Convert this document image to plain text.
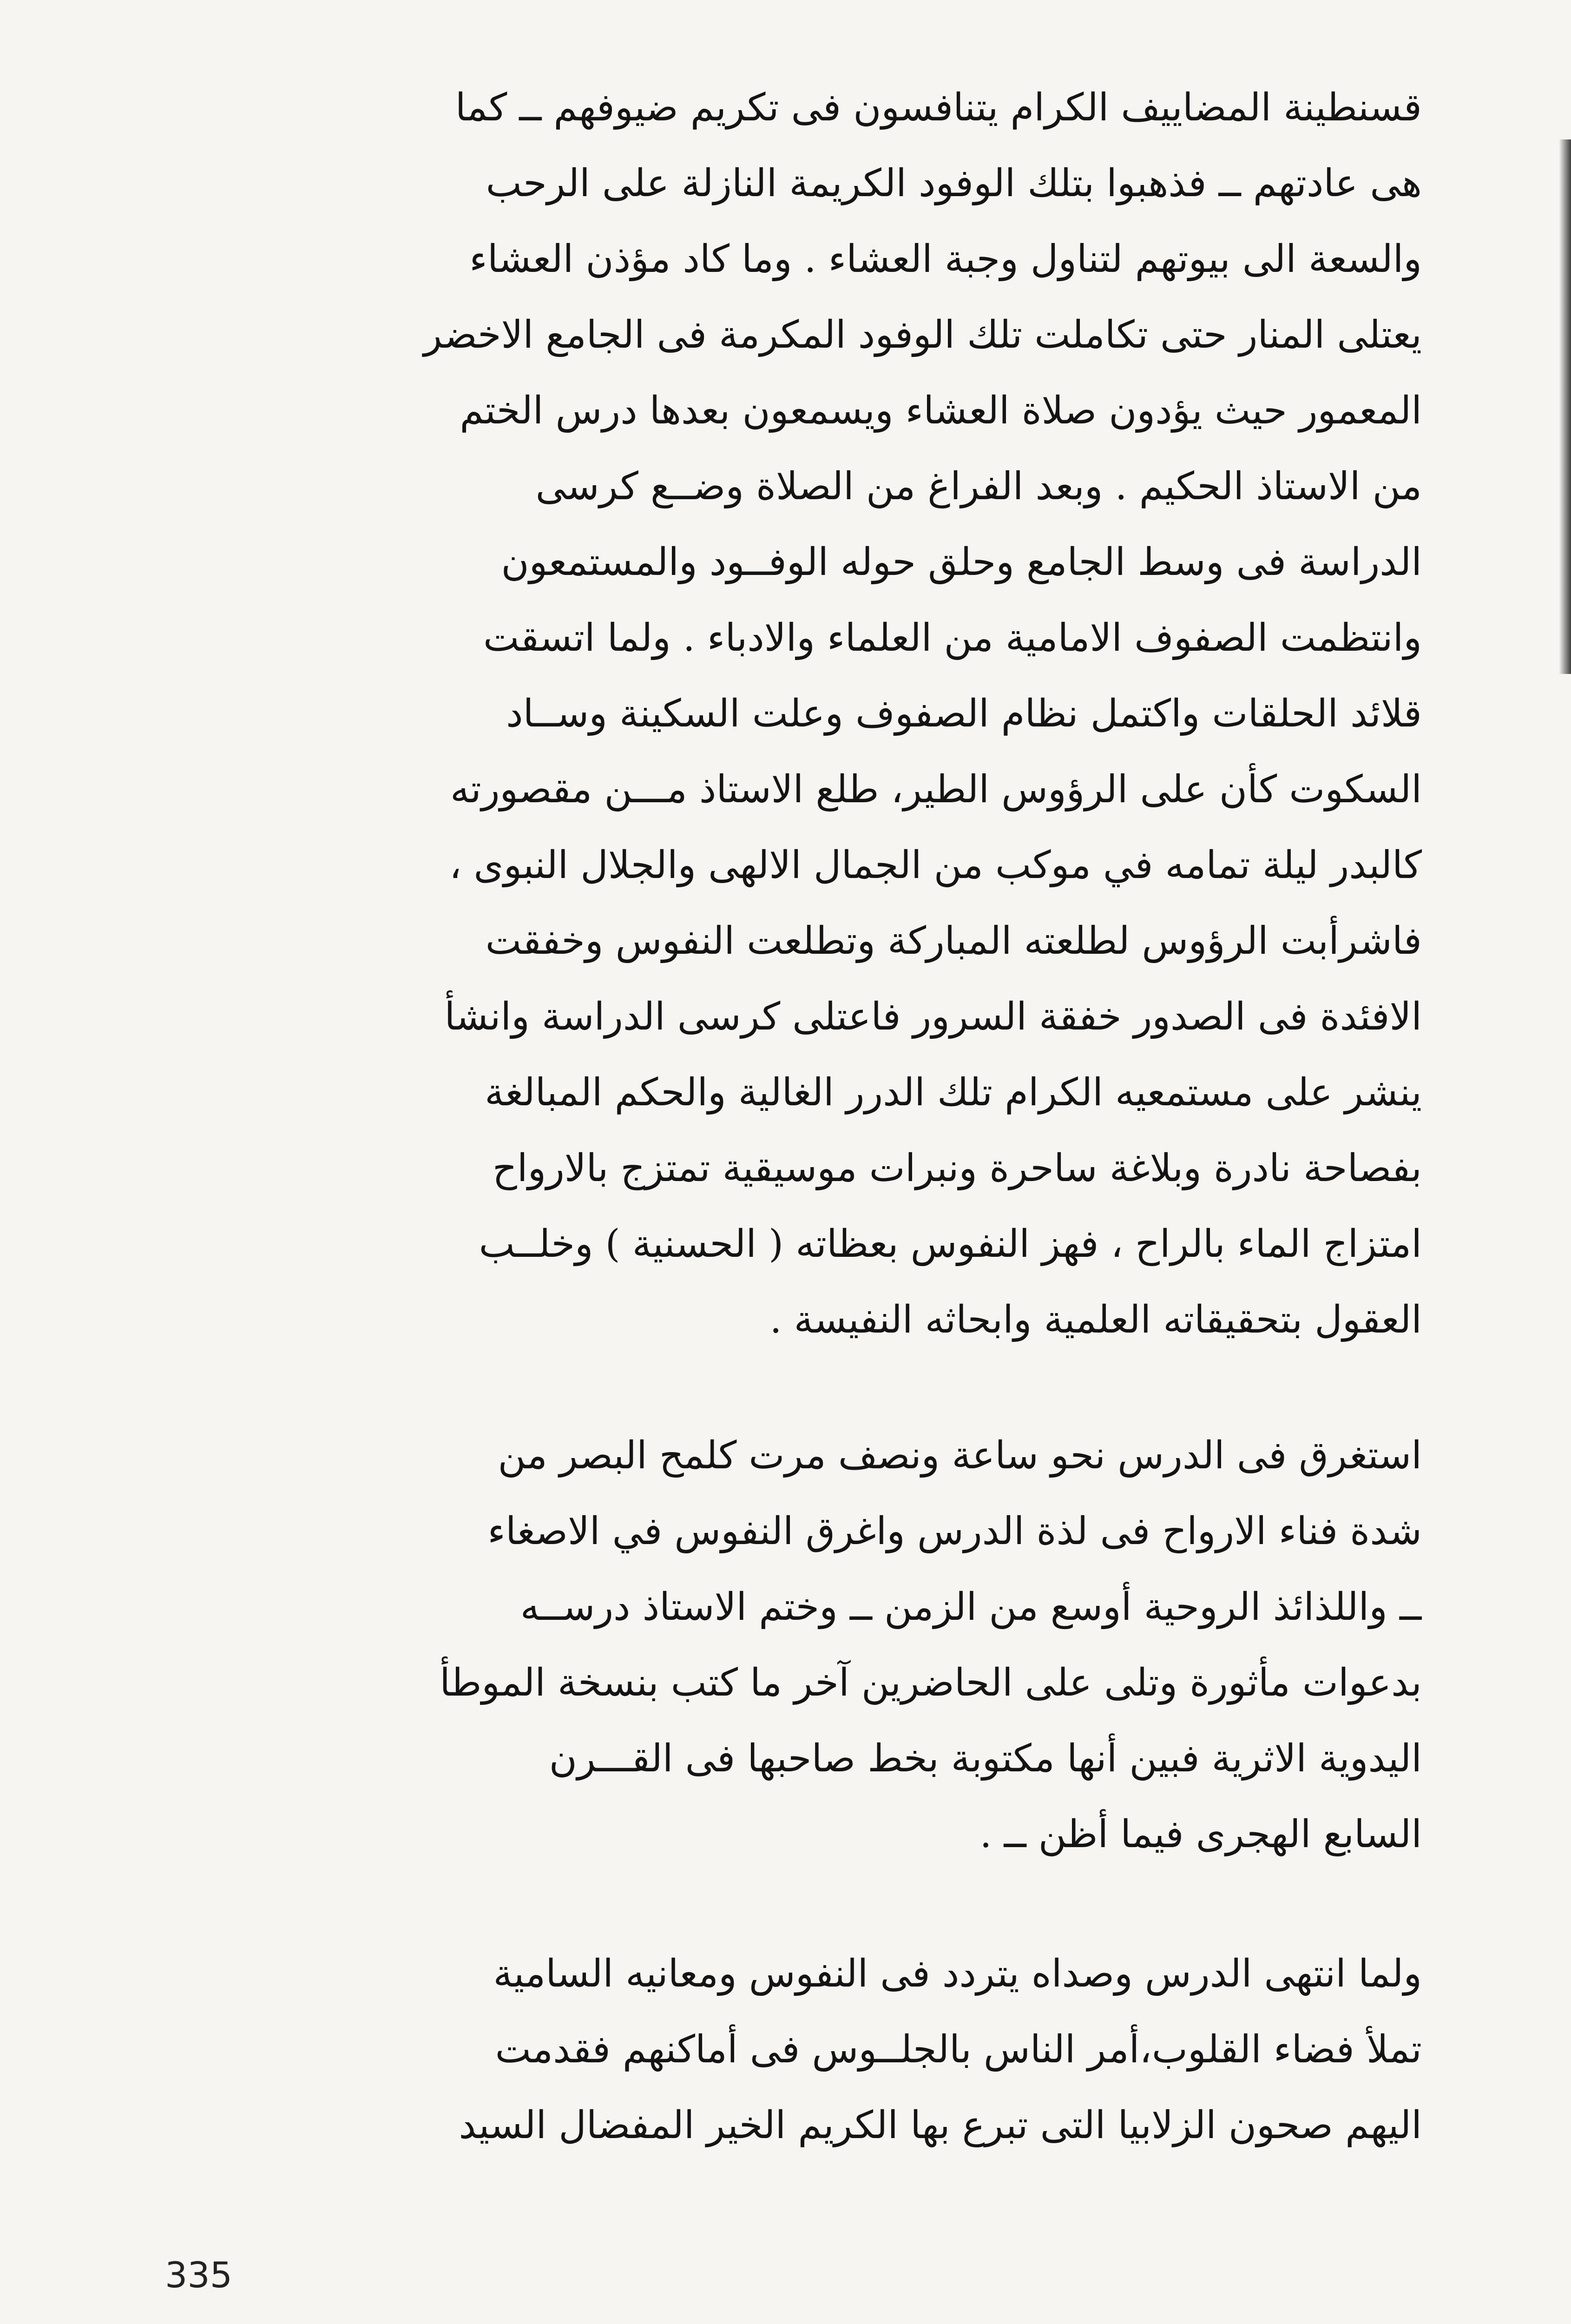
قسنطينة المضاييف الكرام يتنافسون فى تكريم ضيوفهم ــ كما
هى عادتهم ــ فذهبوا بتلك الوفود الكريمة النازلة على الرحب
والسعة الى بيوتهم لتناول وجبة العشاء . وما كاد مؤذن العشاء
يعتلى المنار حتى تكاملت تلك الوفود المكرمة فى الجامع الاخضر
المعمور حيث يؤدون صلاة العشاء ويسمعون بعدها درس الختم
من الاستاذ الحكيم . وبعد الفراغ من الصلاة وضــع كرسى
الدراسة فى وسط الجامع وحلق حوله الوفــود والمستمعون
وانتظمت الصفوف الامامية من العلماء والادباء . ولما اتسقت
قلائد الحلقات واكتمل نظام الصفوف وعلت السكينة وســاد
السكوت كأن على الرؤوس الطير، طلع الاستاذ مـــن مقصورته
كالبدر ليلة تمامه في موكب من الجمال الالهى والجلال النبوى ،
فاشرأبت الرؤوس لطلعته المباركة وتطلعت النفوس وخفقت
الافئدة فى الصدور خفقة السرور فاعتلى كرسى الدراسة وانشأ
ينشر على مستمعيه الكرام تلك الدرر الغالية والحكم المبالغة
بفصاحة نادرة وبلاغة ساحرة ونبرات موسيقية تمتزج بالارواح
امتزاج الماء بالراح ، فهز النفوس بعظاته ( الحسنية ) وخلــب
العقول بتحقيقاته العلمية وابحاثه النفيسة .

استغرق فى الدرس نحو ساعة ونصف مرت كلمح البصر من
شدة فناء الارواح فى لذة الدرس واغرق النفوس في الاصغاء
ــ واللذائذ الروحية أوسع من الزمن ــ وختم الاستاذ درســه
بدعوات مأثورة وتلى على الحاضرين آخر ما كتب بنسخة الموطأ
اليدوية الاثرية فبين أنها مكتوبة بخط صاحبها فى القـــرن
السابع الهجرى فيما أظن ــ .

ولما انتهى الدرس وصداه يتردد فى النفوس ومعانيه السامية
تملأ فضاء القلوب،أمر الناس بالجلــوس فى أماكنهم فقدمت
اليهم صحون الزلابيا التى تبرع بها الكريم الخير المفضال السيد

335
